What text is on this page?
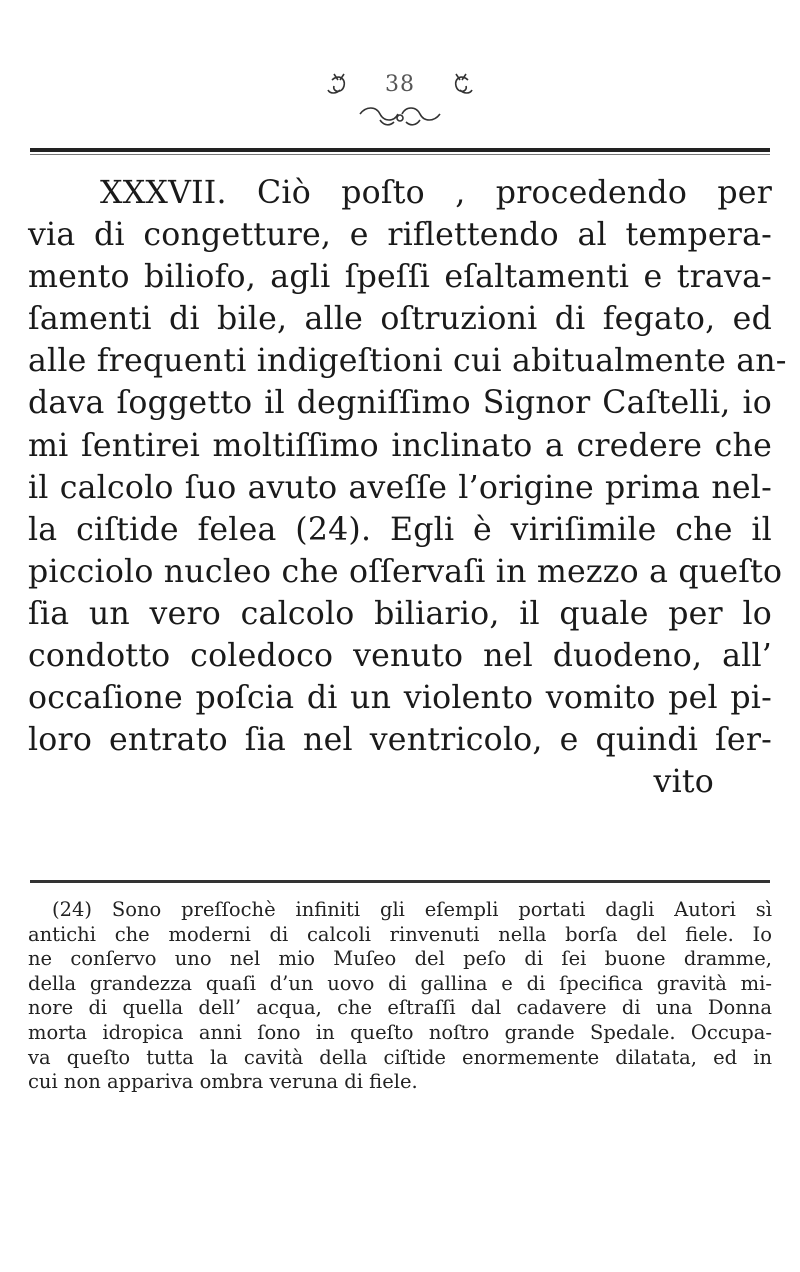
38
XXXVII. Ciò poſto , procedendo per
via di congetture, e riflettendo al tempera-
mento biliofo, agli ſpeſſi eſaltamenti e trava-
ſamenti di bile, alle oſtruzioni di fegato, ed
alle frequenti indigeſtioni cui abitualmente an-
dava ſoggetto il degniſſimo Signor Caſtelli, io
mi ſentirei moltiſſimo inclinato a credere che
il calcolo ſuo avuto aveſſe l’origine prima nel-
la ciſtide felea (24). Egli è viriſimile che il
picciolo nucleo che oſſervaſi in mezzo a queſto
ſia un vero calcolo biliario, il quale per lo
condotto coledoco venuto nel duodeno, all’
occaſione poſcia di un violento vomito pel pi-
loro entrato ſia nel ventricolo, e quindi ſer-
vito
(24) Sono preſſochè infiniti gli eſempli portati dagli Autori sì
antichi che moderni di calcoli rinvenuti nella borſa del fiele. Io
ne conſervo uno nel mio Muſeo del peſo di ſei buone dramme,
della grandezza quaſi d’un uovo di gallina e di ſpecifica gravità mi-
nore di quella dell’ acqua, che eſtraſſi dal cadavere di una Donna
morta idropica anni ſono in queſto noſtro grande Spedale. Occupa-
va queſto tutta la cavità della ciſtide enormemente dilatata, ed in
cui non appariva ombra veruna di fiele.
